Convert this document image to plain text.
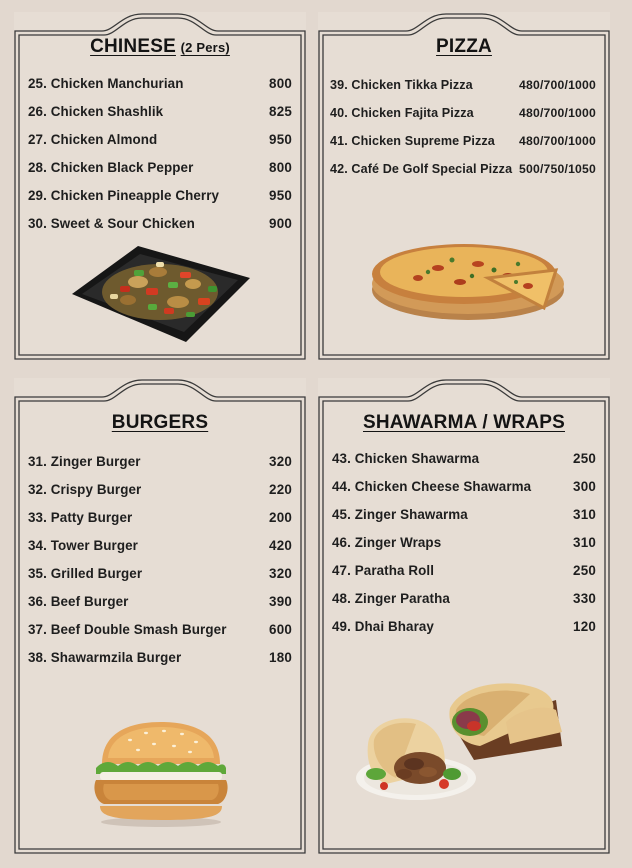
CHINESE (2 Pers)
25. Chicken Manchurian	800
26. Chicken Shashlik	825
27. Chicken Almond	950
28. Chicken Black Pepper	800
29. Chicken Pineapple Cherry	950
30. Sweet & Sour Chicken	900
PIZZA
39. Chicken Tikka Pizza	480/700/1000
40. Chicken Fajita Pizza	480/700/1000
41. Chicken Supreme Pizza 480/700/1000
42. Café De Golf Special Pizza 500/750/1050
BURGERS
31. Zinger Burger	320
32. Crispy Burger	220
33. Patty Burger	200
34. Tower Burger	420
35. Grilled Burger	320
36. Beef Burger	390
37. Beef Double Smash Burger	600
38. Shawarmzila Burger	180
SHAWARMA / WRAPS
43. Chicken Shawarma	250
44. Chicken Cheese Shawarma	300
45. Zinger Shawarma	310
46. Zinger Wraps	310
47. Paratha Roll	250
48. Zinger Paratha	330
49. Dhai Bharay	120
